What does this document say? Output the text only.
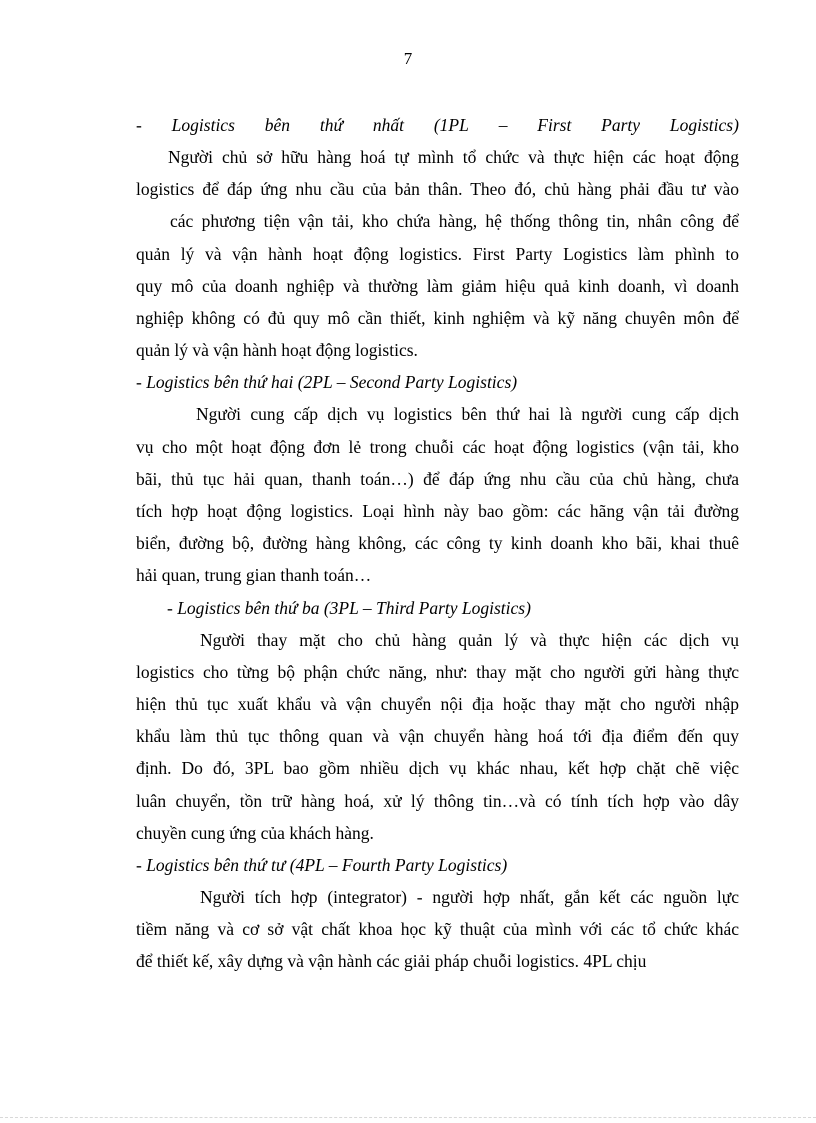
7
- Logistics bên thứ nhất (1PL – First Party Logistics)
Người chủ sở hữu hàng hoá tự mình tổ chức và thực hiện các hoạt động
logistics để đáp ứng nhu cầu của bản thân. Theo đó, chủ hàng phải đầu tư vào
các phương tiện vận tải, kho chứa hàng, hệ thống thông tin, nhân công để
quản lý và vận hành hoạt động logistics. First Party Logistics làm phình to
quy mô của doanh nghiệp và thường làm giảm hiệu quả kinh doanh, vì doanh
nghiệp không có đủ quy mô cần thiết, kinh nghiệm và kỹ năng chuyên môn để
quản lý và vận hành hoạt động logistics.
- Logistics bên thứ hai (2PL – Second Party Logistics)
Người cung cấp dịch vụ logistics bên thứ hai là người cung cấp dịch
vụ cho một hoạt động đơn lẻ trong chuỗi các hoạt động logistics (vận tải, kho
bãi, thủ tục hải quan, thanh toán…) để đáp ứng nhu cầu của chủ hàng, chưa
tích hợp hoạt động logistics. Loại hình này bao gồm: các hãng vận tải đường
biển, đường bộ, đường hàng không, các công ty kinh doanh kho bãi, khai thuê
hải quan, trung gian thanh toán…
- Logistics bên thứ ba (3PL – Third Party Logistics)
Người thay mặt cho chủ hàng quản lý và thực hiện các dịch vụ
logistics cho từng bộ phận chức năng, như: thay mặt cho người gửi hàng thực
hiện thủ tục xuất khẩu và vận chuyển nội địa hoặc thay mặt cho người nhập
khẩu làm thủ tục thông quan và vận chuyển hàng hoá tới địa điểm đến quy
định. Do đó, 3PL bao gồm nhiều dịch vụ khác nhau, kết hợp chặt chẽ việc
luân chuyển, tồn trữ hàng hoá, xử lý thông tin…và có tính tích hợp vào dây
chuyền cung ứng của khách hàng.
- Logistics bên thứ tư (4PL – Fourth Party Logistics)
Người tích hợp (integrator) - người hợp nhất, gắn kết các nguồn lực
tiềm năng và cơ sở vật chất khoa học kỹ thuật của mình với các tổ chức khác
để thiết kế, xây dựng và vận hành các giải pháp chuỗi logistics. 4PL chịu
